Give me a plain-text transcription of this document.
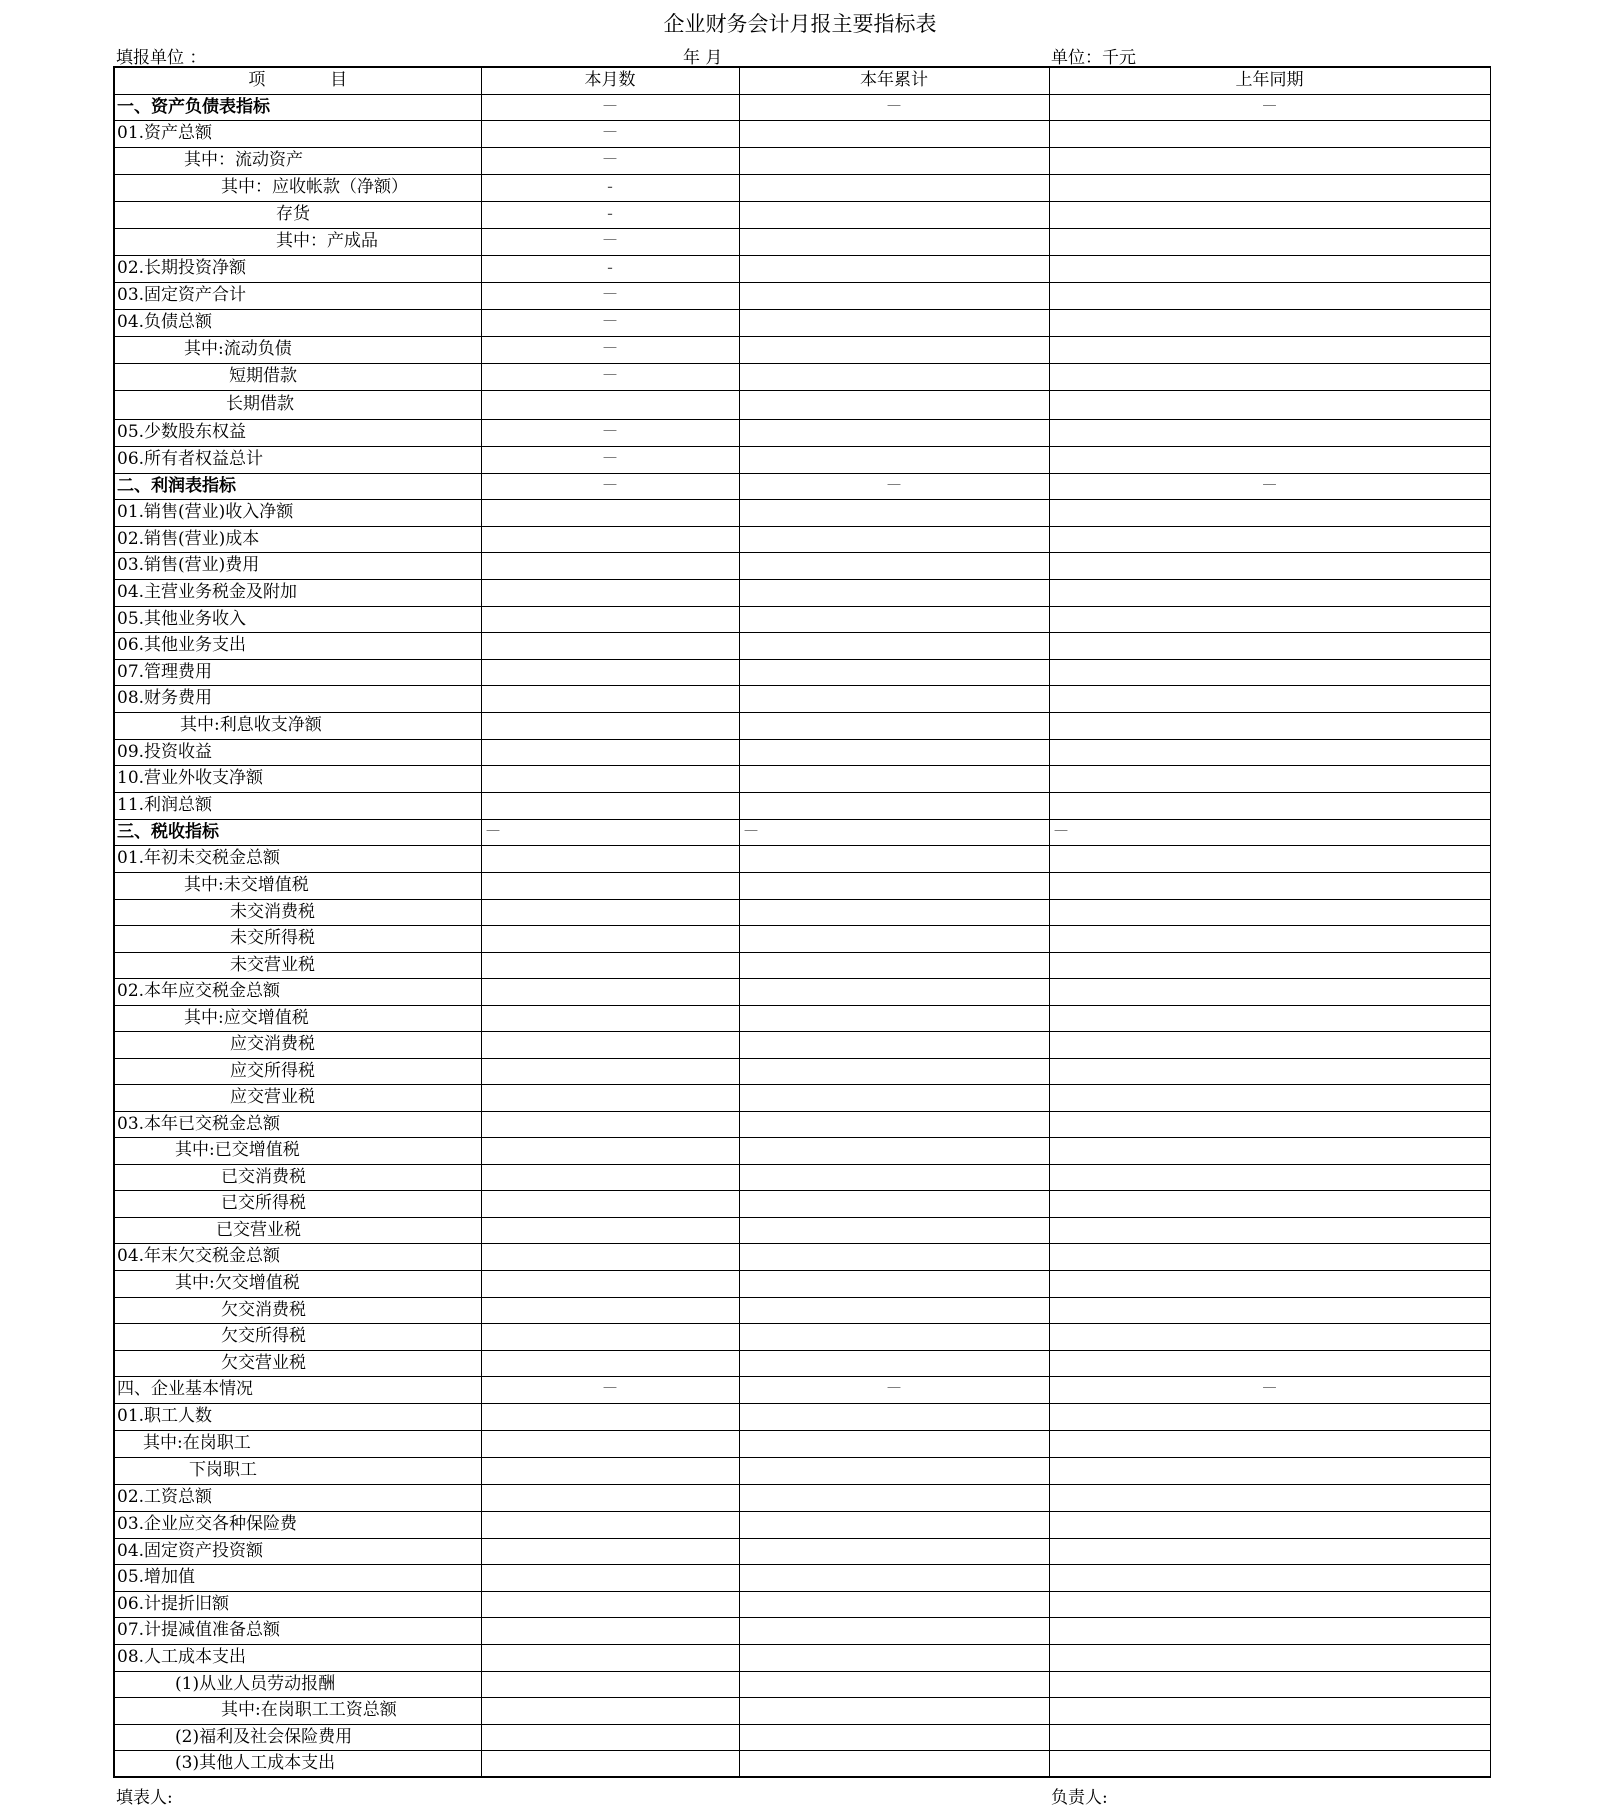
企业财务会计月报主要指标表
填报单位 ：	年 月	单位：千元
项            目	本月数	本年累计	上年同期
一、资产负债表指标	－	－	－
01.资产总额	－		
其中：流动资产	－		
其中：应收帐款（净额）	-		
存货	-		
其中：产成品	－		
02.长期投资净额	-		
03.固定资产合计	－		
04.负债总额	－		
其中:流动负债	－		
短期借款	－		
长期借款			
05.少数股东权益	－		
06.所有者权益总计	－		
二、利润表指标	－	－	－
01.销售(营业)收入净额			
02.销售(营业)成本			
03.销售(营业)费用			
04.主营业务税金及附加			
05.其他业务收入			
06.其他业务支出			
07.管理费用			
08.财务费用			
其中:利息收支净额			
09.投资收益			
10.营业外收支净额			
11.利润总额			
三、税收指标	－	－	－
01.年初未交税金总额			
其中:未交增值税			
未交消费税			
未交所得税			
未交营业税			
02.本年应交税金总额			
其中:应交增值税			
应交消费税			
应交所得税			
应交营业税			
03.本年已交税金总额			
其中:已交增值税			
已交消费税			
已交所得税			
已交营业税			
04.年末欠交税金总额			
其中:欠交增值税			
欠交消费税			
欠交所得税			
欠交营业税			
四、企业基本情况	－	－	－
01.职工人数			
其中:在岗职工			
下岗职工			
02.工资总额			
03.企业应交各种保险费			
04.固定资产投资额			
05.增加值			
06.计提折旧额			
07.计提减值准备总额			
08.人工成本支出			
(1)从业人员劳动报酬			
其中:在岗职工工资总额			
(2)福利及社会保险费用			
(3)其他人工成本支出			
填表人:	负责人:
